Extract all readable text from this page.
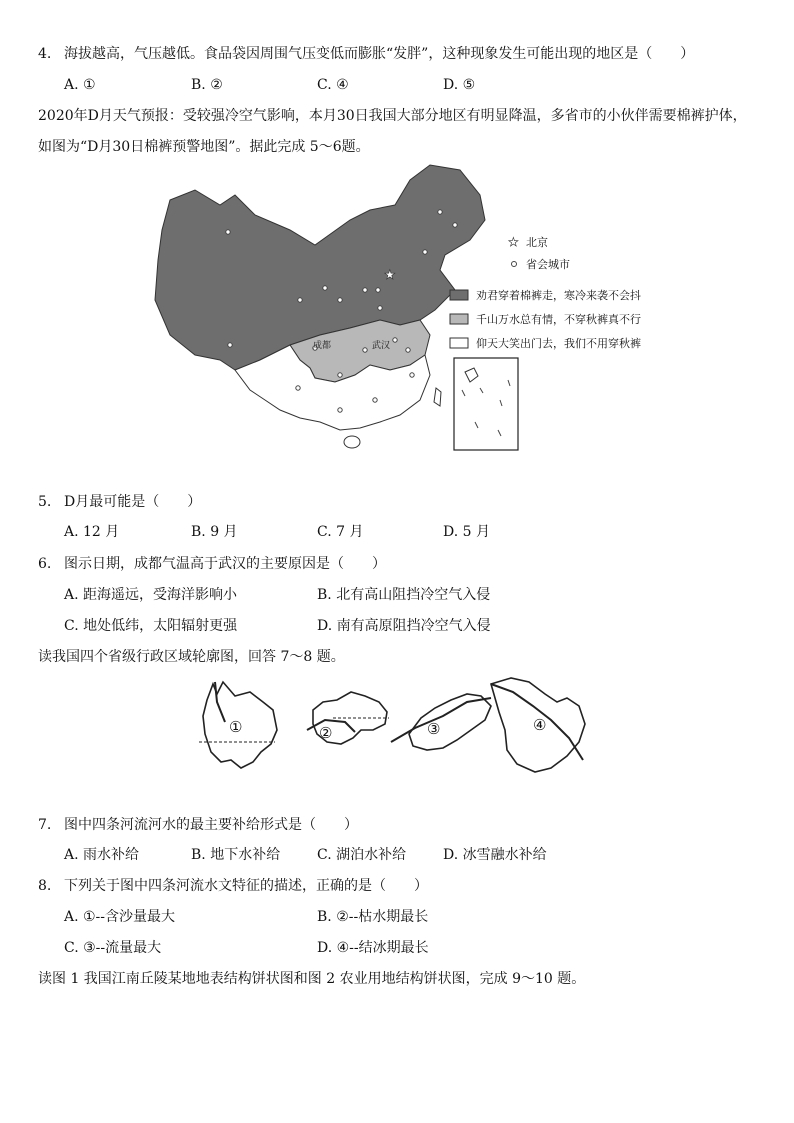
4. 海拔越高，气压越低。食品袋因周围气压变低而膨胀“发胖”，这种现象发生可能出现的地区是（　　）
A. ①	B. ②	C. ④	D. ⑤
2020年D月天气预报：受较强冷空气影响，本月30日我国大部分地区有明显降温，多省市的小伙伴需要棉裤护体，
如图为“D月30日棉裤预警地图”。据此完成 5～6题。
★
成都	武汉
★ 北京
省会城市
劝君穿着棉裤走，寒冷来袭不会抖
千山万水总有情，不穿秋裤真不行
仰天大笑出门去，我们不用穿秋裤
5. D月最可能是（　　）
A. 12 月	B. 9 月	C. 7 月	D. 5 月
6. 图示日期，成都气温高于武汉的主要原因是（　　）
A. 距海遥远，受海洋影响小	B. 北有高山阻挡冷空气入侵
C. 地处低纬，太阳辐射更强	D. 南有高原阻挡冷空气入侵
读我国四个省级行政区域轮廓图，回答 7～8 题。
①	②	③	④
7. 图中四条河流河水的最主要补给形式是（　　）
A. 雨水补给	B. 地下水补给	C. 湖泊水补给	D. 冰雪融水补给
8. 下列关于图中四条河流水文特征的描述，正确的是（　　）
A. ①--含沙量最大	B. ②--枯水期最长
C. ③--流量最大	D. ④--结冰期最长
读图 1 我国江南丘陵某地地表结构饼状图和图 2 农业用地结构饼状图，完成 9～10 题。
